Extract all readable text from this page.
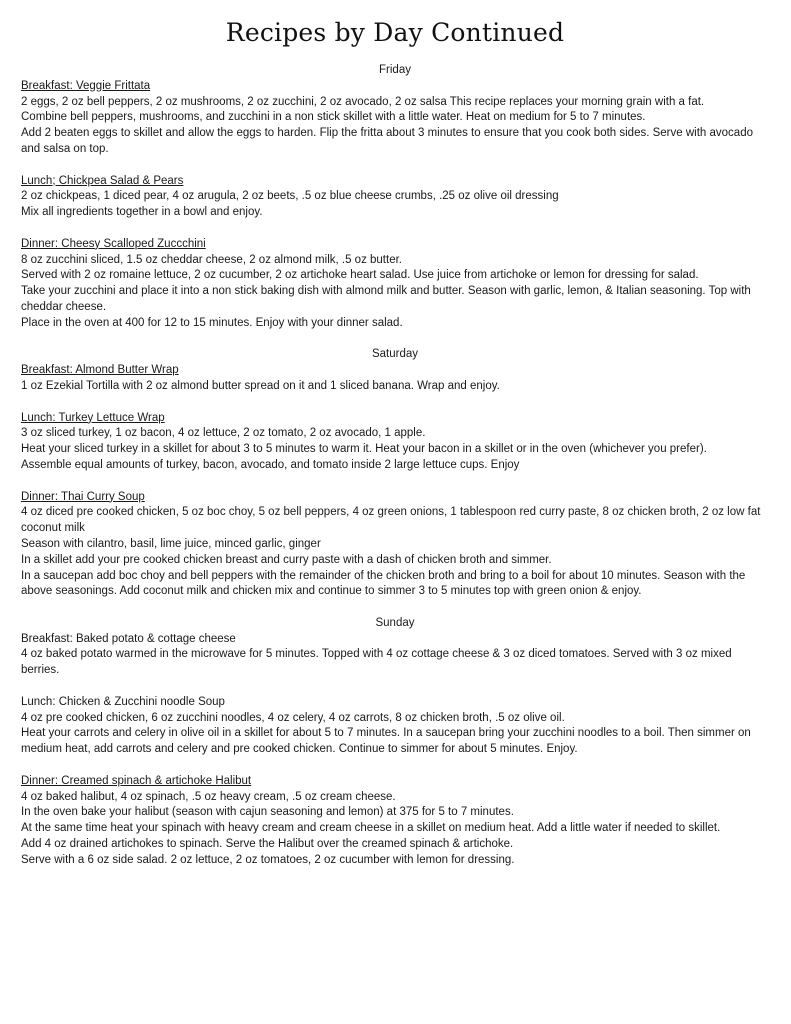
Recipes by Day Continued
Friday
Breakfast: Veggie Frittata
2 eggs, 2 oz bell peppers, 2 oz mushrooms, 2 oz zucchini, 2 oz avocado, 2 oz salsa This recipe replaces your morning grain with a fat.
Combine bell peppers, mushrooms, and zucchini in a non stick skillet with a little water. Heat on medium for 5 to 7 minutes.
Add 2 beaten eggs to skillet and allow the eggs to harden. Flip the fritta about 3 minutes to ensure that you cook both sides. Serve with avocado and salsa on top.
Lunch; Chickpea Salad & Pears
2 oz chickpeas, 1 diced pear, 4 oz arugula, 2 oz beets, .5 oz blue cheese crumbs, .25 oz olive oil dressing
Mix all ingredients together in a bowl and enjoy.
Dinner: Cheesy Scalloped Zuccchini
8 oz zucchini sliced, 1.5 oz cheddar cheese, 2 oz almond milk, .5 oz butter.
Served with 2 oz romaine lettuce, 2 oz cucumber, 2 oz artichoke heart salad. Use juice from artichoke or lemon for dressing for salad.
Take your zucchini and place it into a non stick baking dish with almond milk and butter. Season with garlic, lemon, & Italian seasoning. Top with cheddar cheese.
Place in the oven at 400 for 12 to 15 minutes. Enjoy with your dinner salad.
Saturday
Breakfast: Almond Butter Wrap
1 oz Ezekial Tortilla with 2 oz almond butter spread on it and 1 sliced banana. Wrap and enjoy.
Lunch: Turkey Lettuce Wrap
3 oz sliced turkey, 1 oz bacon, 4 oz lettuce, 2 oz tomato, 2 oz avocado, 1 apple.
Heat your sliced turkey in a skillet for about 3 to 5 minutes to warm it. Heat your bacon in a skillet or in the oven (whichever you prefer).
Assemble equal amounts of turkey, bacon, avocado, and tomato inside 2 large lettuce cups. Enjoy
Dinner: Thai Curry Soup
4 oz diced pre cooked chicken, 5 oz boc choy, 5 oz bell peppers, 4 oz green onions, 1 tablespoon red curry paste, 8 oz chicken broth, 2 oz low fat coconut milk
Season with cilantro, basil, lime juice, minced garlic, ginger
In a skillet add your pre cooked chicken breast and curry paste with a dash of chicken broth and simmer.
In a saucepan add boc choy and bell peppers with the remainder of the chicken broth and bring to a boil for about 10 minutes. Season with the above seasonings. Add coconut milk and chicken mix and continue to simmer 3 to 5 minutes top with green onion & enjoy.
Sunday
Breakfast: Baked potato & cottage cheese
4 oz baked potato warmed in the microwave for 5 minutes. Topped with 4 oz cottage cheese & 3 oz diced tomatoes. Served with 3 oz mixed berries.
Lunch: Chicken & Zucchini noodle Soup
4 oz pre cooked chicken, 6 oz zucchini noodles, 4 oz celery, 4 oz carrots, 8 oz chicken broth, .5 oz olive oil.
Heat your carrots and celery in olive oil in a skillet for about 5 to 7 minutes. In a saucepan bring your zucchini noodles to a boil. Then simmer on medium heat, add carrots and celery and pre cooked chicken. Continue to simmer for about 5 minutes. Enjoy.
Dinner: Creamed spinach & artichoke Halibut
4 oz baked halibut, 4 oz spinach, .5 oz heavy cream, .5 oz cream cheese.
In the oven bake your halibut (season with cajun seasoning and lemon) at 375 for 5 to 7 minutes.
At the same time heat your spinach with heavy cream and cream cheese in a skillet on medium heat. Add a little water if needed to skillet.
Add 4 oz drained artichokes to spinach. Serve the Halibut over the creamed spinach & artichoke.
Serve with a 6 oz side salad. 2 oz lettuce, 2 oz tomatoes, 2 oz cucumber with lemon for dressing.
